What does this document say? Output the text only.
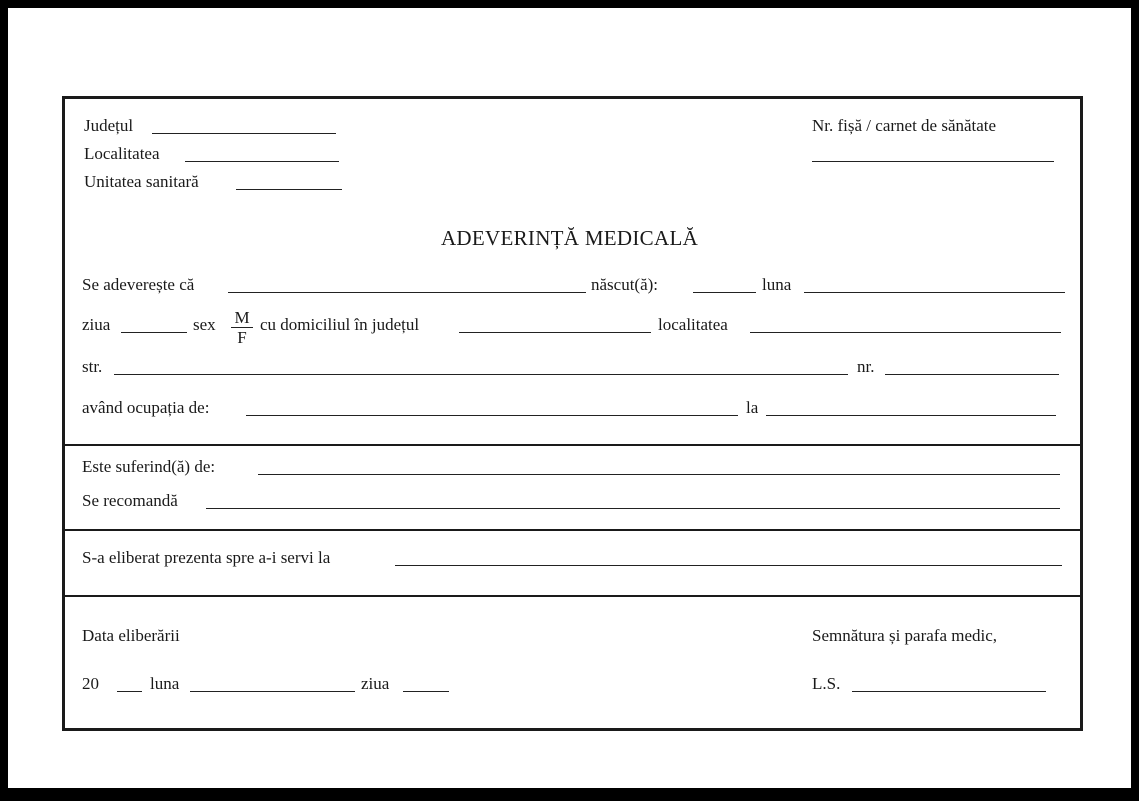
Județul
Localitatea
Unitatea sanitară
Nr. fișă / carnet de sănătate
ADEVERINȚĂ MEDICALĂ
Se adeverește că	născut(ă):	luna
ziua	sex $\frac{M}{F}$ cu domiciliul în județul	localitatea
str.	nr.
având ocupația de:	la
Este suferind(ă) de:
Se recomandă
S-a eliberat prezenta spre a-i servi la
Data eliberării	Semnătura și parafa medic,
20	luna	ziua	L.S.
